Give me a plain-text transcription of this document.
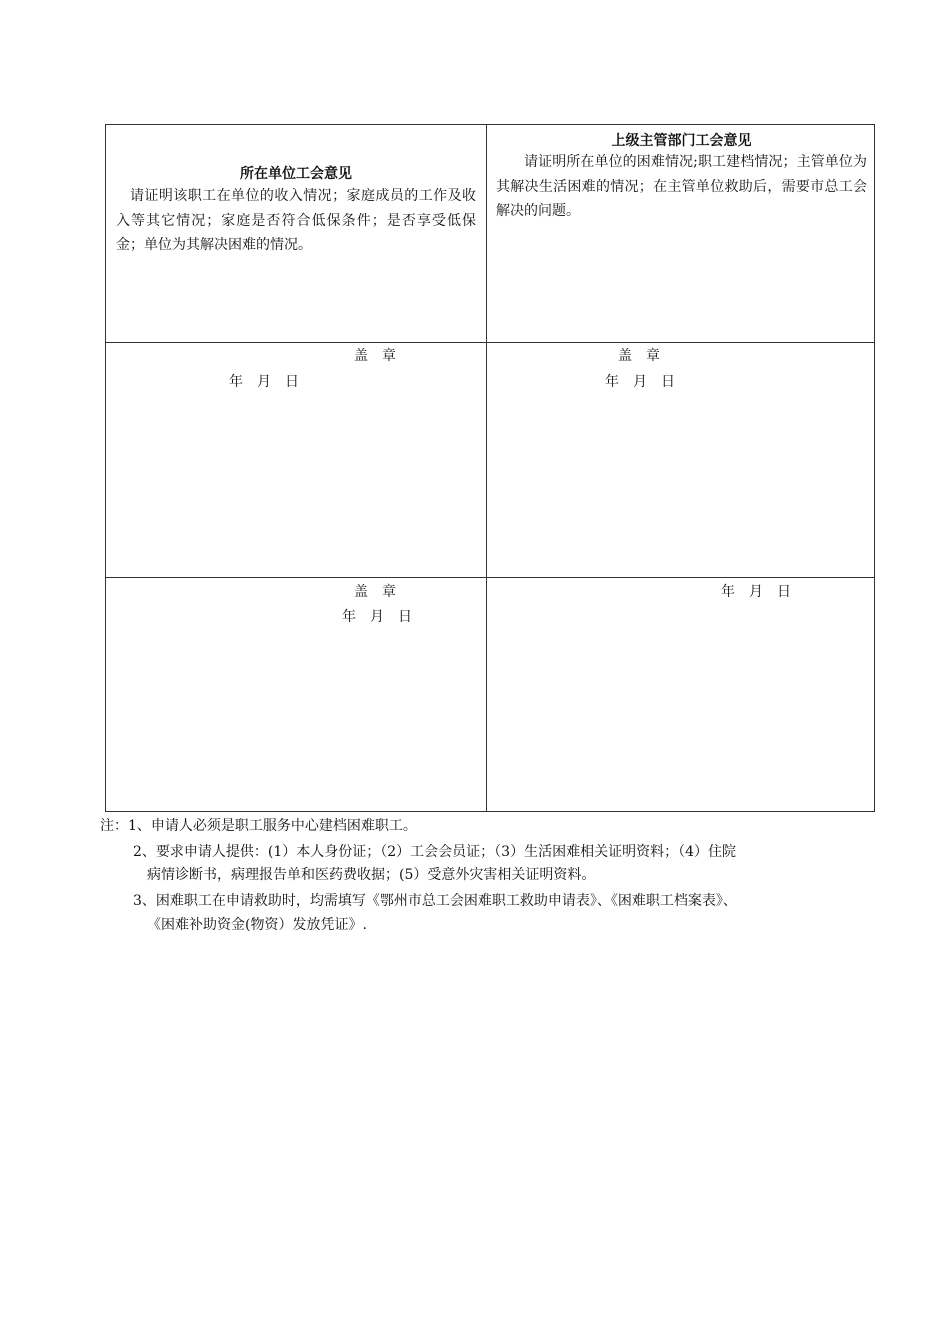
所在单位工会意见
请证明该职工在单位的收入情况；家庭成员的工作及收入等其它情况；家庭是否符合低保条件；是否享受低保金；单位为其解决困难的情况。
上级主管部门工会意见
请证明所在单位的困难情况;职工建档情况；主管单位为其解决生活困难的情况；在主管单位救助后，需要市总工会解决的问题。
盖　章
年　月　日
盖　章
年　月　日
盖　章
年　月　日
年　月　日
注：1、申请人必须是职工服务中心建档困难职工。
2、要求申请人提供：(1）本人身份证；（2）工会会员证；（3）生活困难相关证明资料；（4）住院
病情诊断书，病理报告单和医药费收据；(5）受意外灾害相关证明资料。
3、困难职工在申请救助时，均需填写《鄂州市总工会困难职工救助申请表》、《困难职工档案表》、
《困难补助资金(物资）发放凭证》.
